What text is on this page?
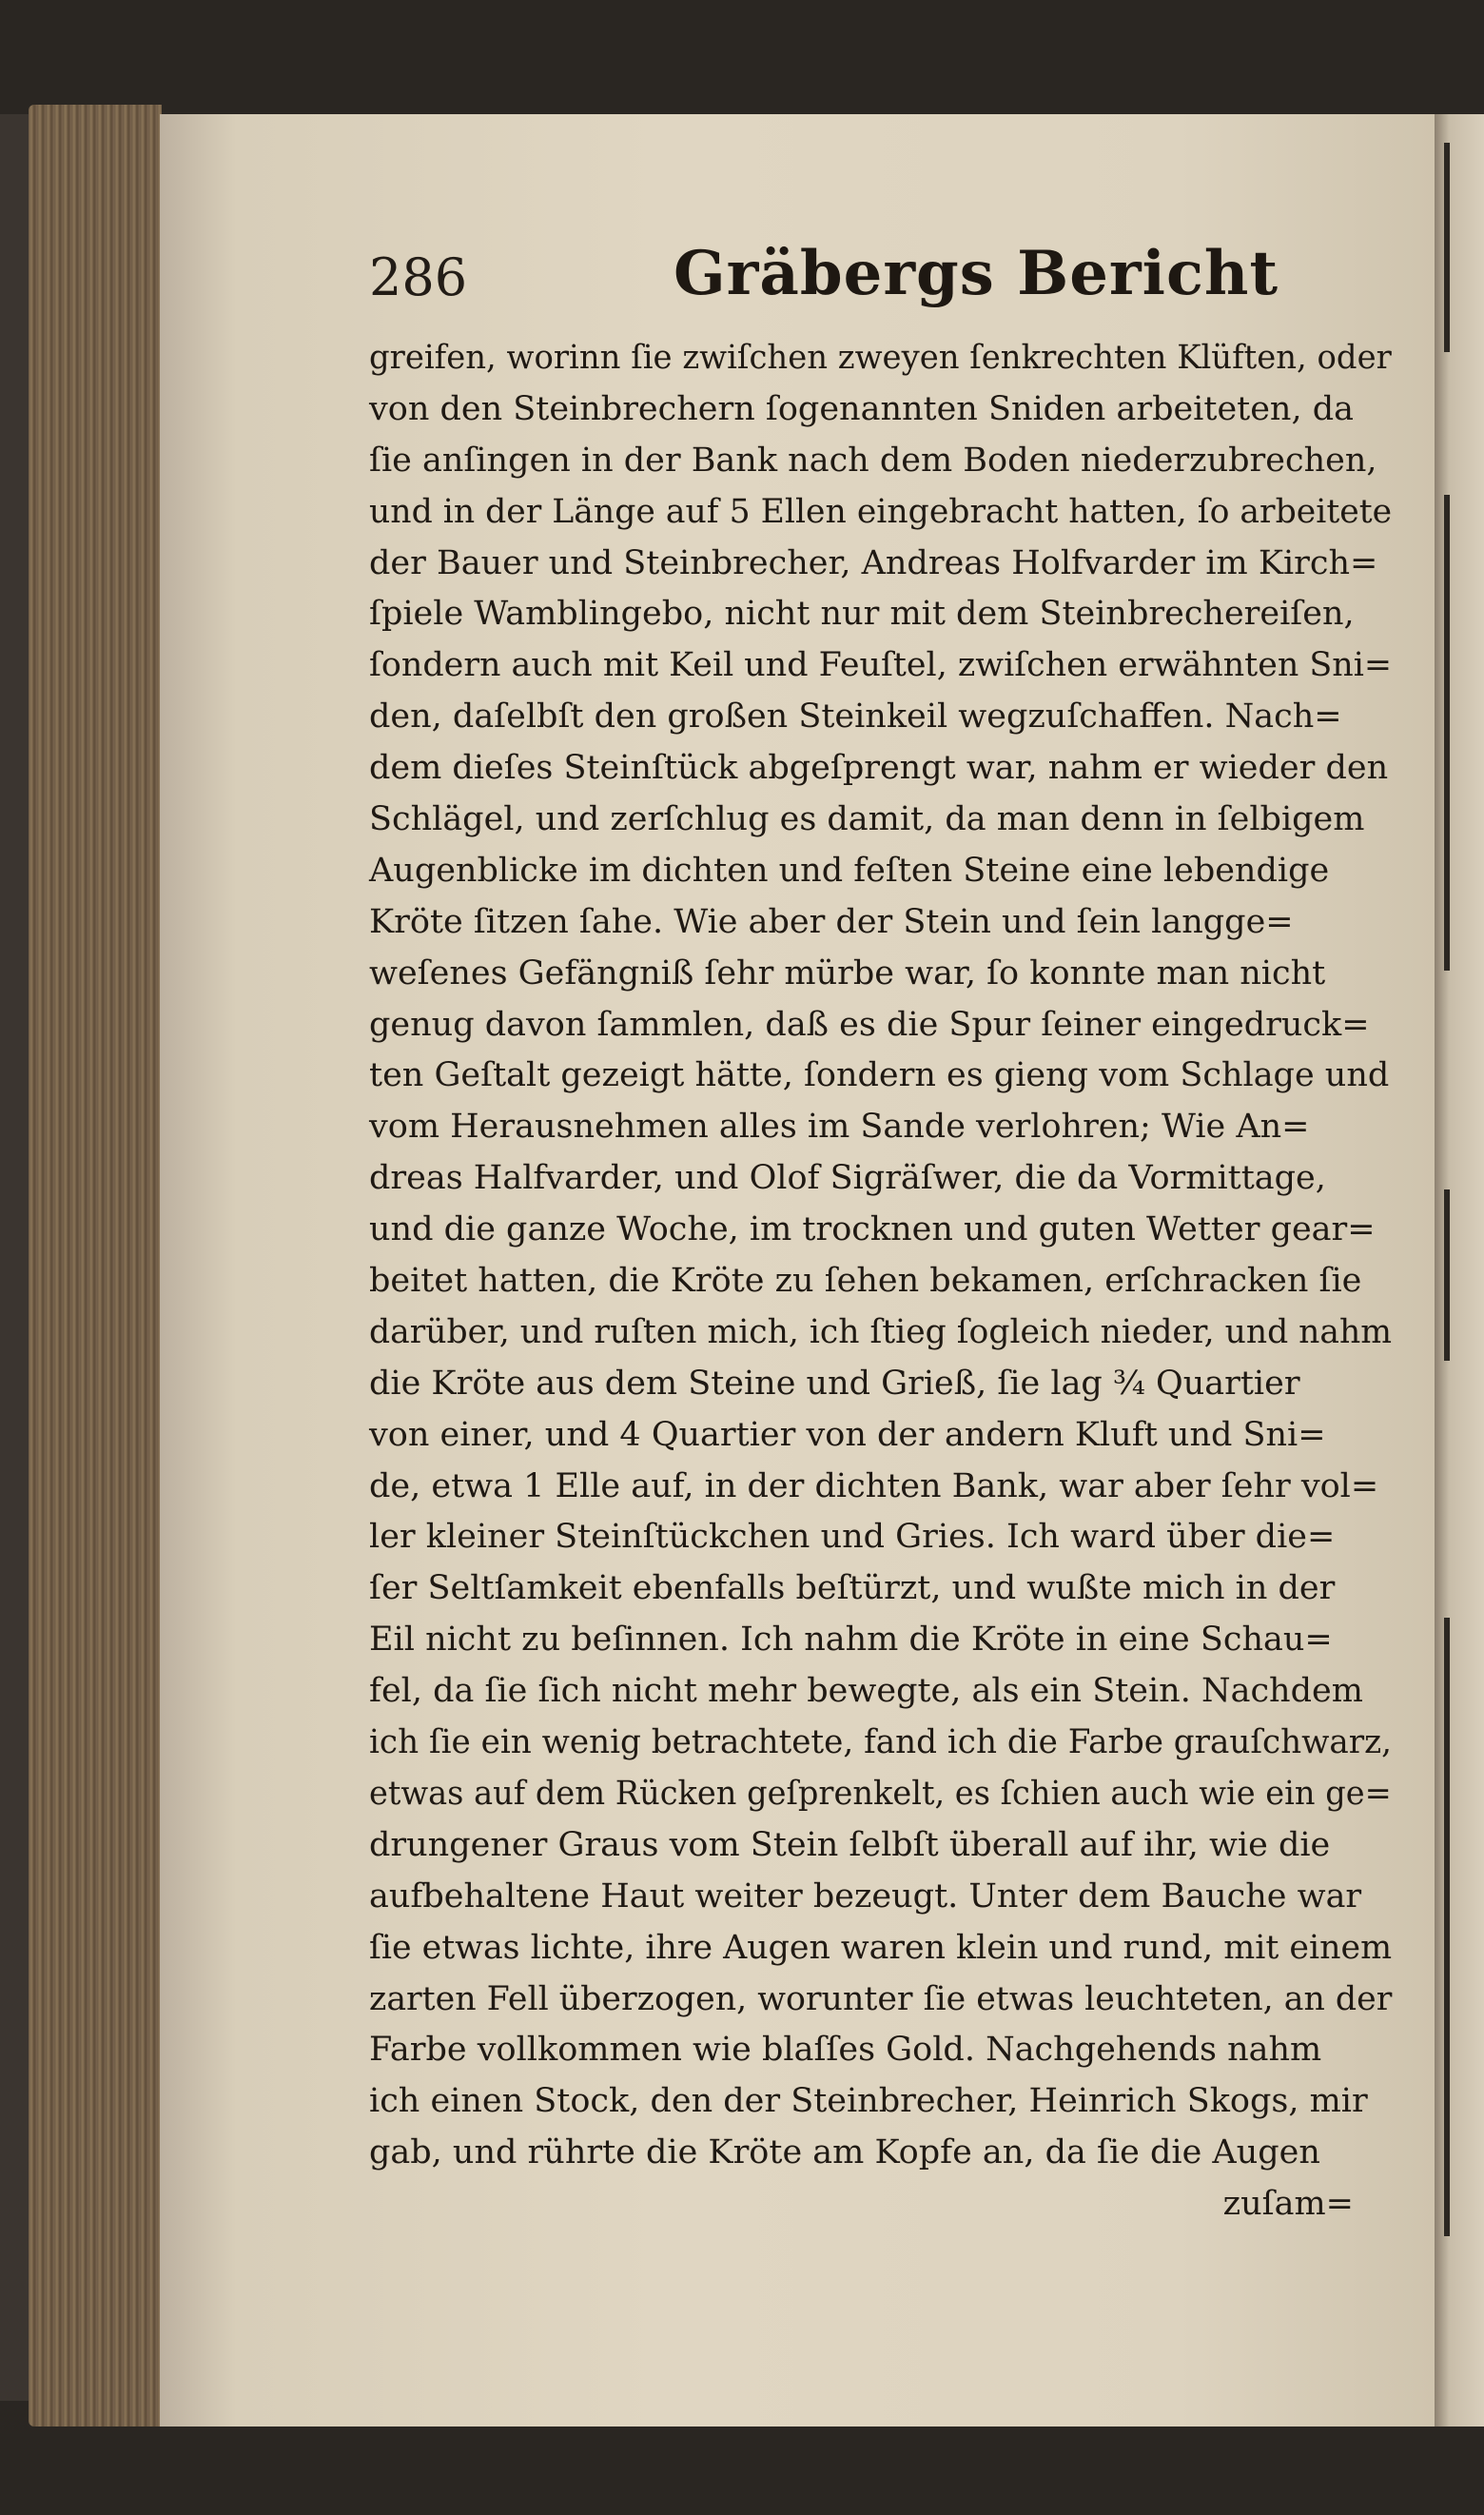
286	Gräbergs Bericht
greifen, worinn ſie zwiſchen zweyen ſenkrechten Klüften, oder
von den Steinbrechern ſogenannten Sniden arbeiteten, da
ſie anſingen in der Bank nach dem Boden niederzubrechen,
und in der Länge auf 5 Ellen eingebracht hatten, ſo arbeitete
der Bauer und Steinbrecher, Andreas Holfvarder im Kirch=
ſpiele Wamblingebo, nicht nur mit dem Steinbrechereiſen,
ſondern auch mit Keil und Feuſtel, zwiſchen erwähnten Sni=
den, daſelbſt den großen Steinkeil wegzuſchaffen. Nach=
dem dieſes Steinſtück abgeſprengt war, nahm er wieder den
Schlägel, und zerſchlug es damit, da man denn in ſelbigem
Augenblicke im dichten und feſten Steine eine lebendige
Kröte ſitzen ſahe. Wie aber der Stein und ſein langge=
weſenes Gefängniß ſehr mürbe war, ſo konnte man nicht
genug davon ſammlen, daß es die Spur ſeiner eingedruck=
ten Geſtalt gezeigt hätte, ſondern es gieng vom Schlage und
vom Herausnehmen alles im Sande verlohren; Wie An=
dreas Halfvarder, und Olof Sigräſwer, die da Vormittage,
und die ganze Woche, im trocknen und guten Wetter gear=
beitet hatten, die Kröte zu ſehen bekamen, erſchracken ſie
darüber, und ruſten mich, ich ſtieg ſogleich nieder, und nahm
die Kröte aus dem Steine und Grieß, ſie lag ¾ Quartier
von einer, und 4 Quartier von der andern Kluft und Sni=
de, etwa 1 Elle auf, in der dichten Bank, war aber ſehr vol=
ler kleiner Steinſtückchen und Gries. Ich ward über die=
ſer Seltſamkeit ebenfalls beſtürzt, und wußte mich in der
Eil nicht zu beſinnen. Ich nahm die Kröte in eine Schau=
fel, da ſie ſich nicht mehr bewegte, als ein Stein. Nachdem
ich ſie ein wenig betrachtete, fand ich die Farbe grauſchwarz,
etwas auf dem Rücken geſprenkelt, es ſchien auch wie ein ge=
drungener Graus vom Stein ſelbſt überall auf ihr, wie die
aufbehaltene Haut weiter bezeugt. Unter dem Bauche war
ſie etwas lichte, ihre Augen waren klein und rund, mit einem
zarten Fell überzogen, worunter ſie etwas leuchteten, an der
Farbe vollkommen wie blaſſes Gold. Nachgehends nahm
ich einen Stock, den der Steinbrecher, Heinrich Skogs, mir
gab, und rührte die Kröte am Kopfe an, da ſie die Augen
zuſam=
